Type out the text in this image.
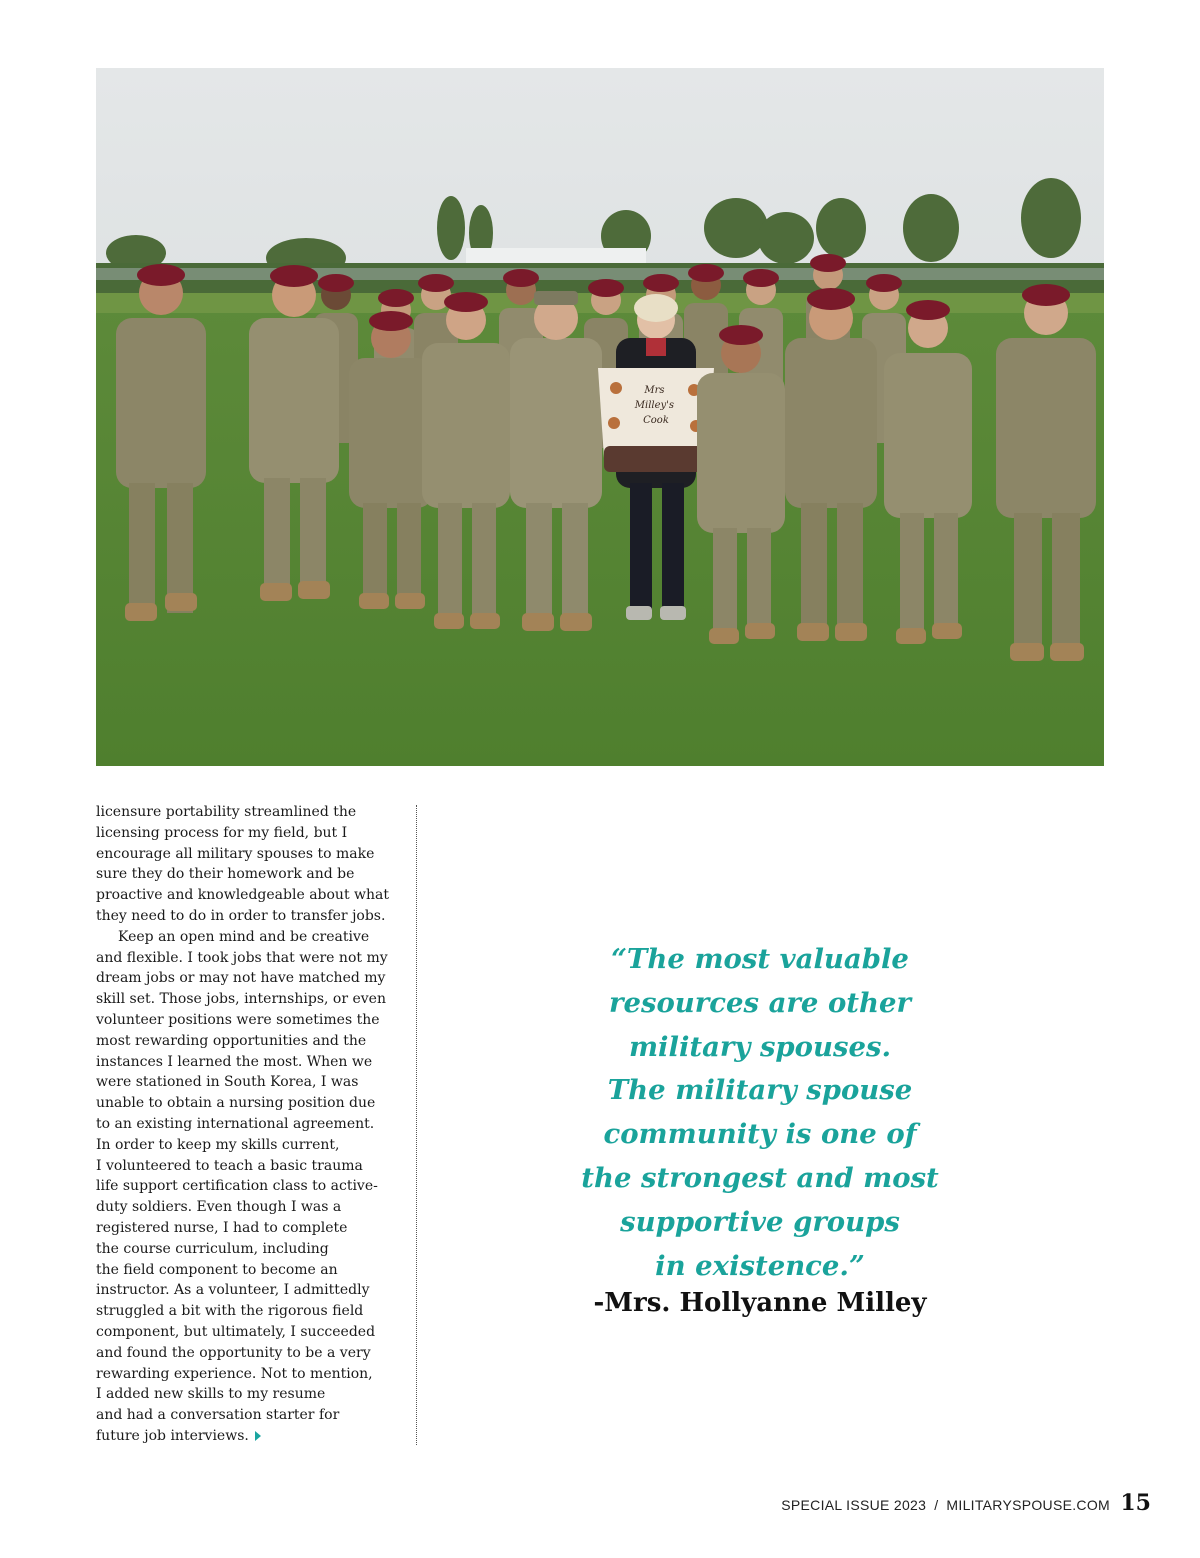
Mrs Milley's Cook

licensure portability streamlined the
licensing process for my field, but I
encourage all military spouses to make
sure they do their homework and be
proactive and knowledgeable about what
they need to do in order to transfer jobs.

Keep an open mind and be creative
and flexible. I took jobs that were not my
dream jobs or may not have matched my
skill set. Those jobs, internships, or even
volunteer positions were sometimes the
most rewarding opportunities and the
instances I learned the most. When we
were stationed in South Korea, I was
unable to obtain a nursing position due
to an existing international agreement.
In order to keep my skills current,
I volunteered to teach a basic trauma
life support certification class to active-
duty soldiers. Even though I was a
registered nurse, I had to complete
the course curriculum, including
the field component to become an
instructor. As a volunteer, I admittedly
struggled a bit with the rigorous field
component, but ultimately, I succeeded
and found the opportunity to be a very
rewarding experience. Not to mention,
I added new skills to my resume
and had a conversation starter for
future job interviews.

“The most valuable
resources are other
military spouses.
The military spouse
community is one of
the strongest and most
supportive groups
in existence.”
-Mrs. Hollyanne Milley
SPECIAL ISSUE 2023 / MILITARYSPOUSE.COM 15
